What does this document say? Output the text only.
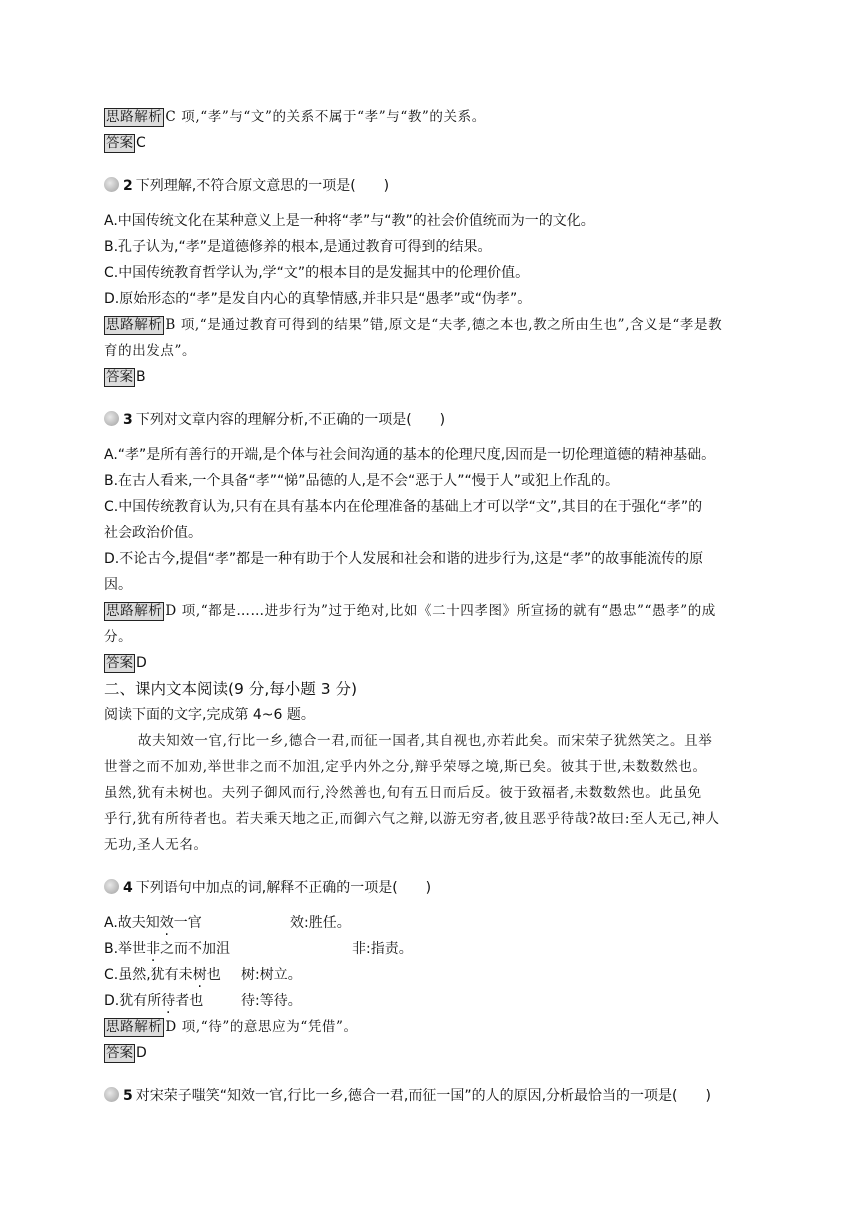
思路解析 C 项,“孝”与“文”的关系不属于“孝”与“教”的关系。
答案 C
2 下列理解,不符合原文意思的一项是(　　)
A.中国传统文化在某种意义上是一种将“孝”与“教”的社会价值统而为一的文化。
B.孔子认为,“孝”是道德修养的根本,是通过教育可得到的结果。
C.中国传统教育哲学认为,学“文”的根本目的是发掘其中的伦理价值。
D.原始形态的“孝”是发自内心的真挚情感,并非只是“愚孝”或“伪孝”。
思路解析 B 项,“是通过教育可得到的结果”错,原文是“夫孝,德之本也,教之所由生也”,含义是“孝是教
育的出发点”。
答案 B
3 下列对文章内容的理解分析,不正确的一项是(　　)
A.“孝”是所有善行的开端,是个体与社会间沟通的基本的伦理尺度,因而是一切伦理道德的精神基础。
B.在古人看来,一个具备“孝”“悌”品德的人,是不会“恶于人”“慢于人”或犯上作乱的。
C.中国传统教育认为,只有在具有基本内在伦理准备的基础上才可以学“文”,其目的在于强化“孝”的
社会政治价值。
D.不论古今,提倡“孝”都是一种有助于个人发展和社会和谐的进步行为,这是“孝”的故事能流传的原
因。
思路解析 D 项,“都是……进步行为”过于绝对,比如《二十四孝图》所宣扬的就有“愚忠”“愚孝”的成
分。
答案 D
二、课内文本阅读(9 分,每小题 3 分)
阅读下面的文字,完成第 4~6 题。
故夫知效一官,行比一乡,德合一君,而征一国者,其自视也,亦若此矣。而宋荣子犹然笑之。且举
世誉之而不加劝,举世非之而不加沮,定乎内外之分,辩乎荣辱之境,斯已矣。彼其于世,未数数然也。
虽然,犹有未树也。夫列子御风而行,泠然善也,旬有五日而后反。彼于致福者,未数数然也。此虽免
乎行,犹有所待者也。若夫乘天地之正,而御六气之辩,以游无穷者,彼且恶乎待哉?故曰:至人无己,神人
无功,圣人无名。
4 下列语句中加点的词,解释不正确的一项是(　　)
A.故夫知效一官	效:胜任。
B.举世非之而不加沮	非:指责。
C.虽然,犹有未树也 树:树立。
D.犹有所待者也	待:等待。
思路解析 D 项,“待”的意思应为“凭借”。
答案 D
5 对宋荣子嗤笑“知效一官,行比一乡,德合一君,而征一国”的人的原因,分析最恰当的一项是(　　)
